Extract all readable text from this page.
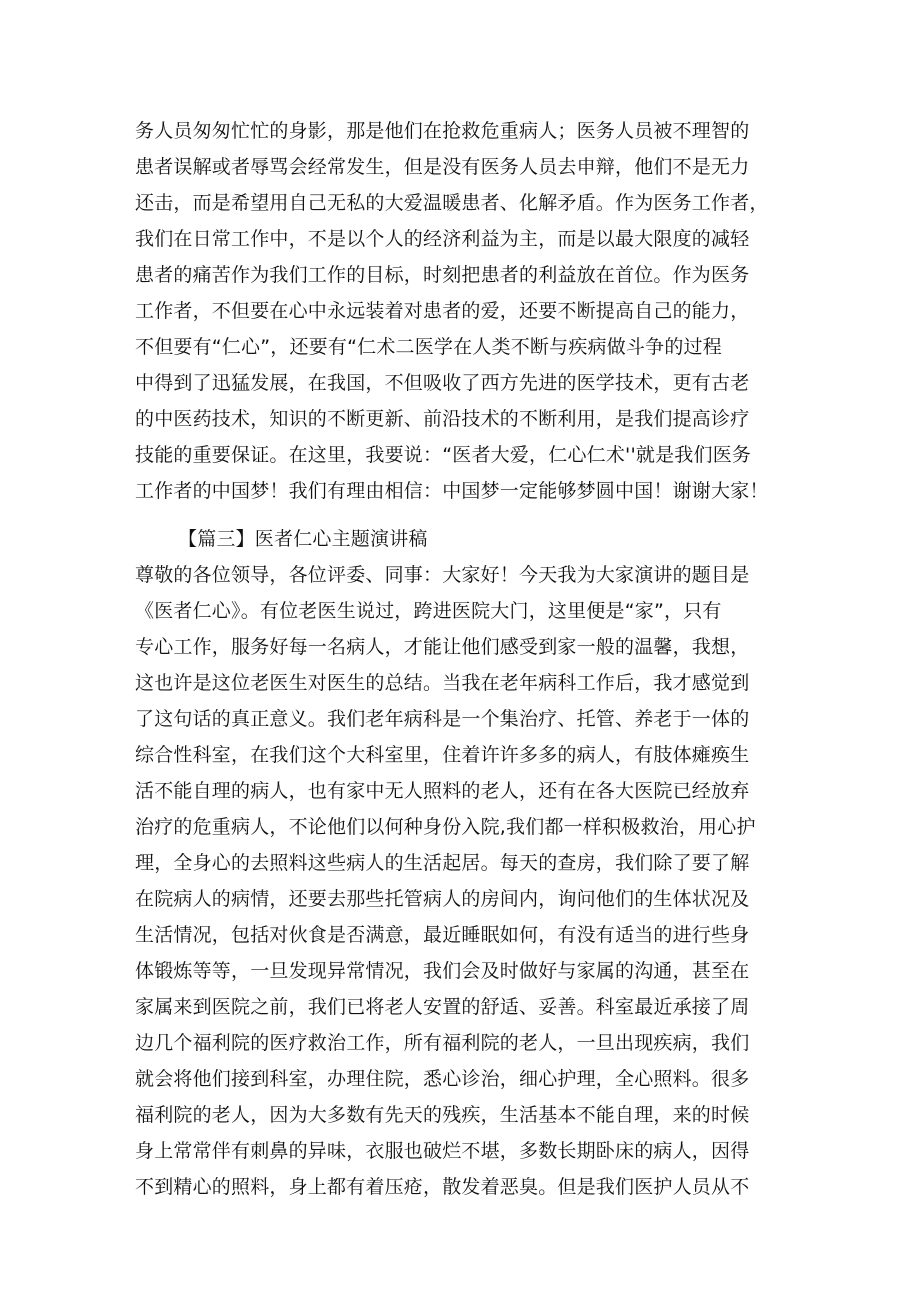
务人员匆匆忙忙的身影，那是他们在抢救危重病人；医务人员被不理智的
患者误解或者辱骂会经常发生，但是没有医务人员去申辩，他们不是无力
还击，而是希望用自己无私的大爱温暖患者、化解矛盾。作为医务工作者，
我们在日常工作中，不是以个人的经济利益为主，而是以最大限度的减轻
患者的痛苦作为我们工作的目标，时刻把患者的利益放在首位。作为医务
工作者，不但要在心中永远装着对患者的爱，还要不断提高自己的能力，
不但要有“仁心”，还要有“仁术二医学在人类不断与疾病做斗争的过程
中得到了迅猛发展，在我国，不但吸收了西方先进的医学技术，更有古老
的中医药技术，知识的不断更新、前沿技术的不断利用，是我们提高诊疗
技能的重要保证。在这里，我要说：“医者大爱，仁心仁术''就是我们医务
工作者的中国梦！我们有理由相信：中国梦一定能够梦圆中国！谢谢大家！
【篇三】医者仁心主题演讲稿
尊敬的各位领导，各位评委、同事：大家好！今天我为大家演讲的题目是
《医者仁心》。有位老医生说过，跨进医院大门，这里便是“家”，只有
专心工作，服务好每一名病人，才能让他们感受到家一般的温馨，我想，
这也许是这位老医生对医生的总结。当我在老年病科工作后，我才感觉到
了这句话的真正意义。我们老年病科是一个集治疗、托管、养老于一体的
综合性科室，在我们这个大科室里，住着许许多多的病人，有肢体瘫痪生
活不能自理的病人，也有家中无人照料的老人，还有在各大医院已经放弃
治疗的危重病人，不论他们以何种身份入院,我们都一样积极救治，用心护
理，全身心的去照料这些病人的生活起居。每天的查房，我们除了要了解
在院病人的病情，还要去那些托管病人的房间内，询问他们的生体状况及
生活情况，包括对伙食是否满意，最近睡眠如何，有没有适当的进行些身
体锻炼等等，一旦发现异常情况，我们会及时做好与家属的沟通，甚至在
家属来到医院之前，我们已将老人安置的舒适、妥善。科室最近承接了周
边几个福利院的医疗救治工作，所有福利院的老人，一旦出现疾病，我们
就会将他们接到科室，办理住院，悉心诊治，细心护理，全心照料。很多
福利院的老人，因为大多数有先天的残疾，生活基本不能自理，来的时候
身上常常伴有刺鼻的异味，衣服也破烂不堪，多数长期卧床的病人，因得
不到精心的照料，身上都有着压疮，散发着恶臭。但是我们医护人员从不
